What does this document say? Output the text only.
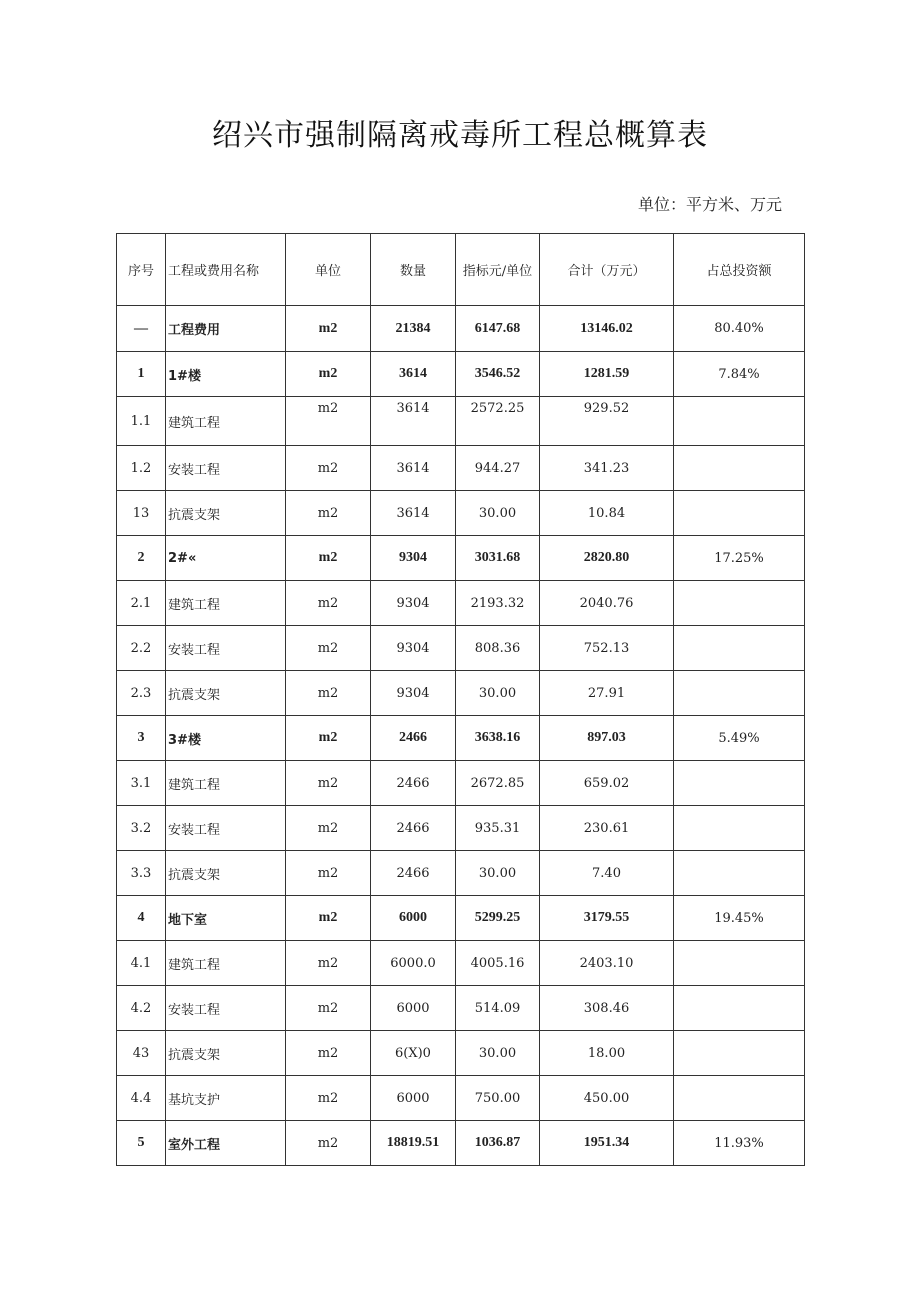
绍兴市强制隔离戒毒所工程总概算表
单位：平方米、万元
序号	工程或费用名称	单位	数量	指标元/单位	合计（万元）	占总投资额
—	工程费用	m2	21384	6147.68	13146.02	80.40%
1	1#楼	m2	3614	3546.52	1281.59	7.84%
1.1	建筑工程	m2	3614	2572.25	929.52	
1.2	安装工程	m2	3614	944.27	341.23	
13	抗震支架	m2	3614	30.00	10.84	
2	2#«	m2	9304	3031.68	2820.80	17.25%
2.1	建筑工程	m2	9304	2193.32	2040.76	
2.2	安装工程	m2	9304	808.36	752.13	
2.3	抗震支架	m2	9304	30.00	27.91	
3	3#楼	m2	2466	3638.16	897.03	5.49%
3.1	建筑工程	m2	2466	2672.85	659.02	
3.2	安装工程	m2	2466	935.31	230.61	
3.3	抗震支架	m2	2466	30.00	7.40	
4	地下室	m2	6000	5299.25	3179.55	19.45%
4.1	建筑工程	m2	6000.0	4005.16	2403.10	
4.2	安装工程	m2	6000	514.09	308.46	
43	抗震支架	m2	6(X)0	30.00	18.00	
4.4	基坑支护	m2	6000	750.00	450.00	
5	室外工程	m2	18819.51	1036.87	1951.34	11.93%
